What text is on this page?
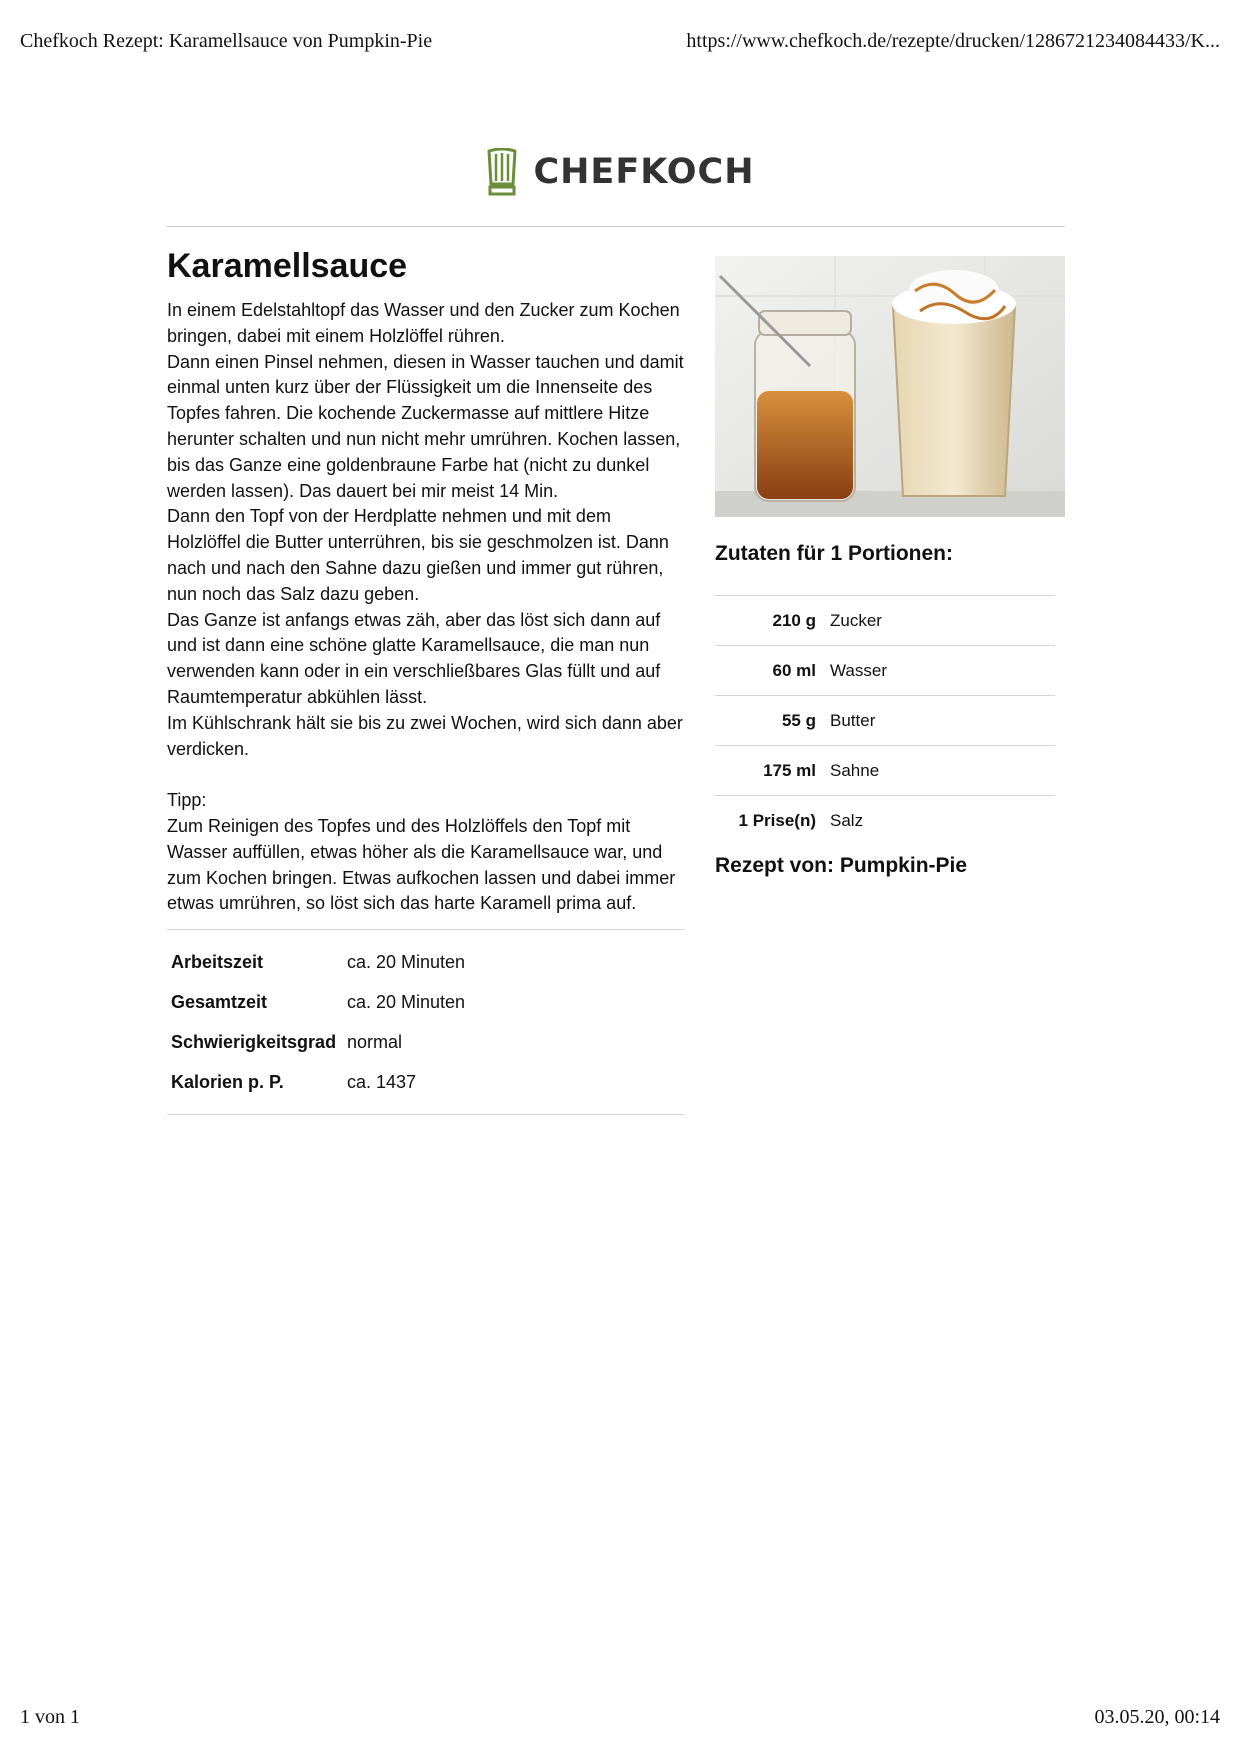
Chefkoch Rezept: Karamellsauce von Pumpkin-Pie	https://www.chefkoch.de/rezepte/drucken/1286721234084433/K...
CHEFKOCH
Karamellsauce
In einem Edelstahltopf das Wasser und den Zucker zum Kochen bringen, dabei mit einem Holzlöffel rühren.
Dann einen Pinsel nehmen, diesen in Wasser tauchen und damit einmal unten kurz über der Flüssigkeit um die Innenseite des Topfes fahren. Die kochende Zuckermasse auf mittlere Hitze herunter schalten und nun nicht mehr umrühren. Kochen lassen, bis das Ganze eine goldenbraune Farbe hat (nicht zu dunkel werden lassen). Das dauert bei mir meist 14 Min.
Dann den Topf von der Herdplatte nehmen und mit dem Holzlöffel die Butter unterrühren, bis sie geschmolzen ist. Dann nach und nach den Sahne dazu gießen und immer gut rühren, nun noch das Salz dazu geben.
Das Ganze ist anfangs etwas zäh, aber das löst sich dann auf und ist dann eine schöne glatte Karamellsauce, die man nun verwenden kann oder in ein verschließbares Glas füllt und auf Raumtemperatur abkühlen lässt.
Im Kühlschrank hält sie bis zu zwei Wochen, wird sich dann aber verdicken.

Tipp:
Zum Reinigen des Topfes und des Holzlöffels den Topf mit Wasser auffüllen, etwas höher als die Karamellsauce war, und zum Kochen bringen. Etwas aufkochen lassen und dabei immer etwas umrühren, so löst sich das harte Karamell prima auf.
Arbeitszeit	ca. 20 Minuten
Gesamtzeit	ca. 20 Minuten
Schwierigkeitsgrad normal
Kalorien p. P.	ca. 1437
Zutaten für 1 Portionen:
210 g Zucker
60 ml Wasser
55 g Butter
175 ml Sahne
1 Prise(n) Salz
Rezept von: Pumpkin-Pie
1 von 1	03.05.20, 00:14
